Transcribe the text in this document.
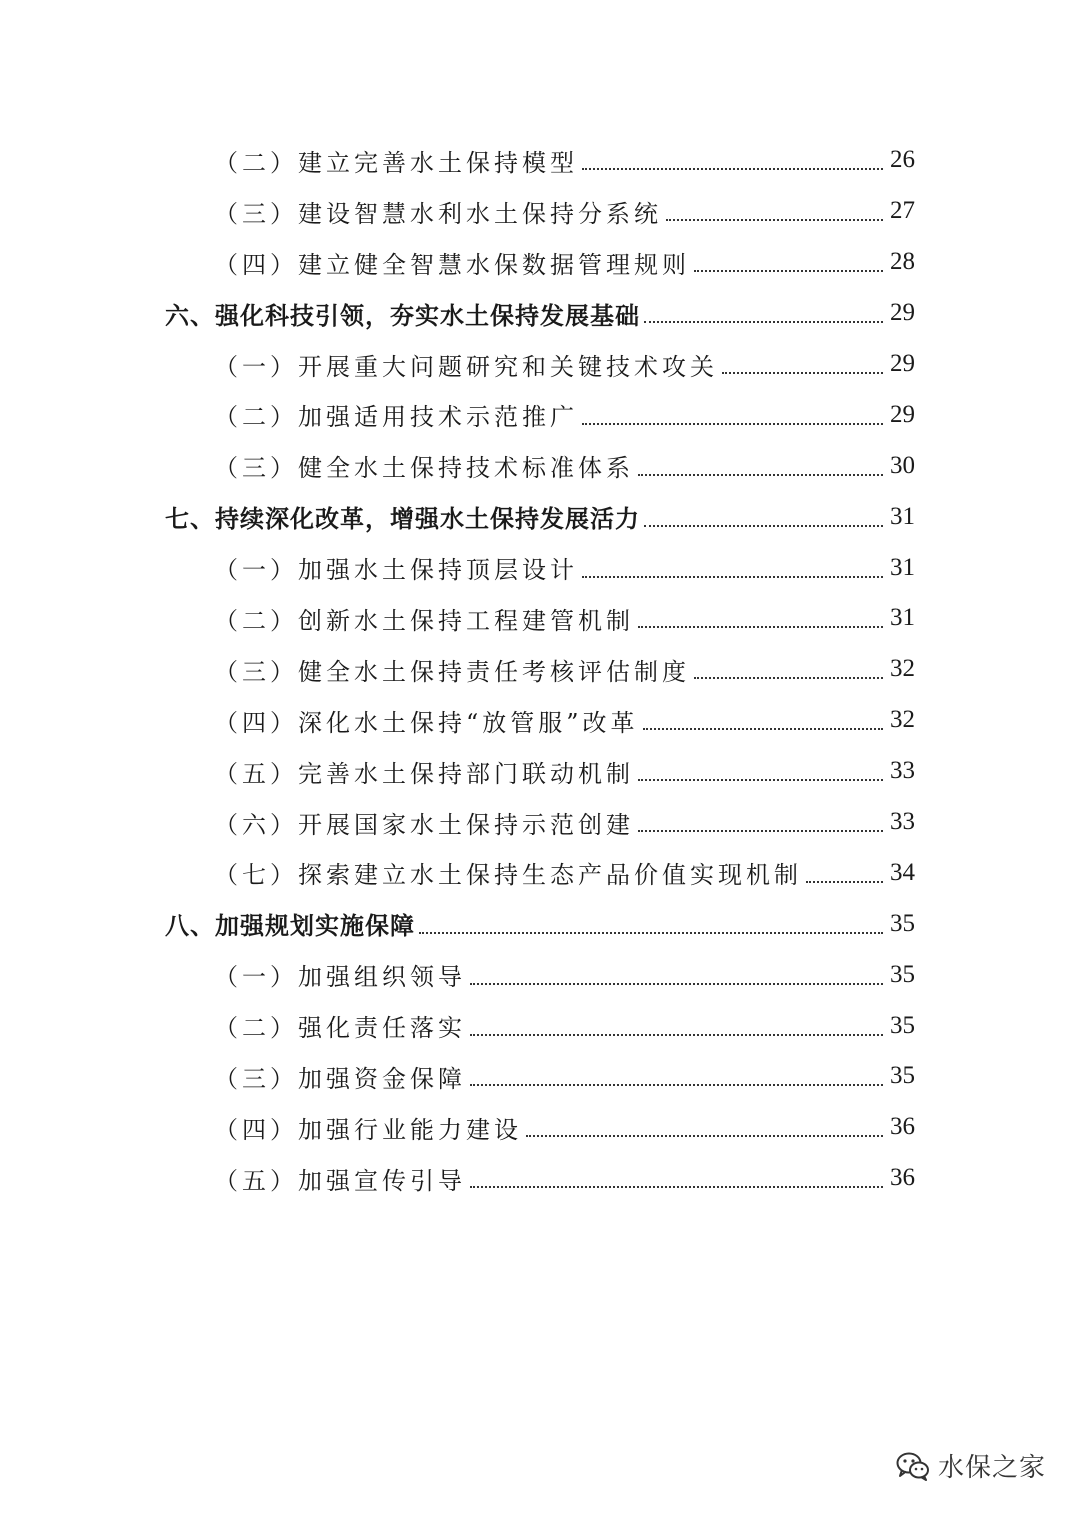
（二）建立完善水土保持模型	26
（三）建设智慧水利水土保持分系统	27
（四）建立健全智慧水保数据管理规则	28
六、强化科技引领，夯实水土保持发展基础	29
（一）开展重大问题研究和关键技术攻关	29
（二）加强适用技术示范推广	29
（三）健全水土保持技术标准体系	30
七、持续深化改革，增强水土保持发展活力	31
（一）加强水土保持顶层设计	31
（二）创新水土保持工程建管机制	31
（三）健全水土保持责任考核评估制度	32
（四）深化水土保持“放管服”改革	32
（五）完善水土保持部门联动机制	33
（六）开展国家水土保持示范创建	33
（七）探索建立水土保持生态产品价值实现机制	34
八、加强规划实施保障	35
（一）加强组织领导	35
（二）强化责任落实	35
（三）加强资金保障	35
（四）加强行业能力建设	36
（五）加强宣传引导	36
水保之家
